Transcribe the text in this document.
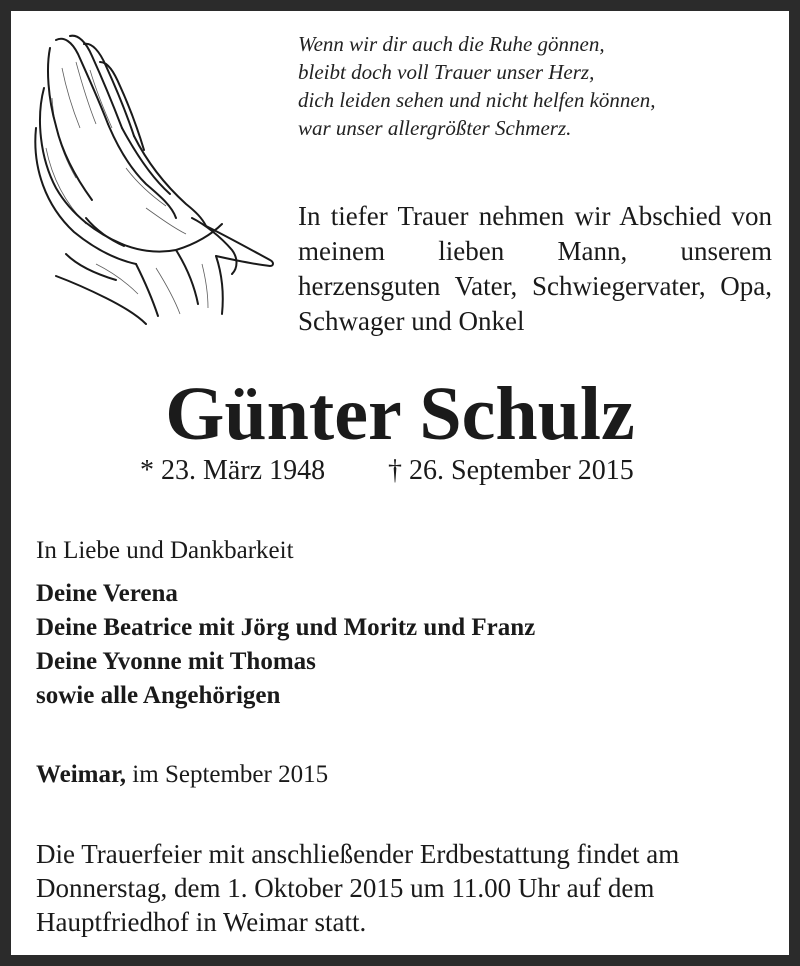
Wenn wir dir auch die Ruhe gönnen,
bleibt doch voll Trauer unser Herz,
dich leiden sehen und nicht helfen können,
war unser allergrößter Schmerz.
In tiefer Trauer nehmen wir Abschied von meinem lieben Mann, unserem herzensguten Vater, Schwiegervater, Opa, Schwager und Onkel
Günter Schulz
* 23. März 1948 † 26. September 2015
In Liebe und Dankbarkeit
Deine Verena
Deine Beatrice mit Jörg und Moritz und Franz
Deine Yvonne mit Thomas
sowie alle Angehörigen
Weimar, im September 2015
Die Trauerfeier mit anschließender Erdbestattung findet am
Donnerstag, dem 1. Oktober 2015 um 11.00 Uhr auf dem
Hauptfriedhof in Weimar statt.
